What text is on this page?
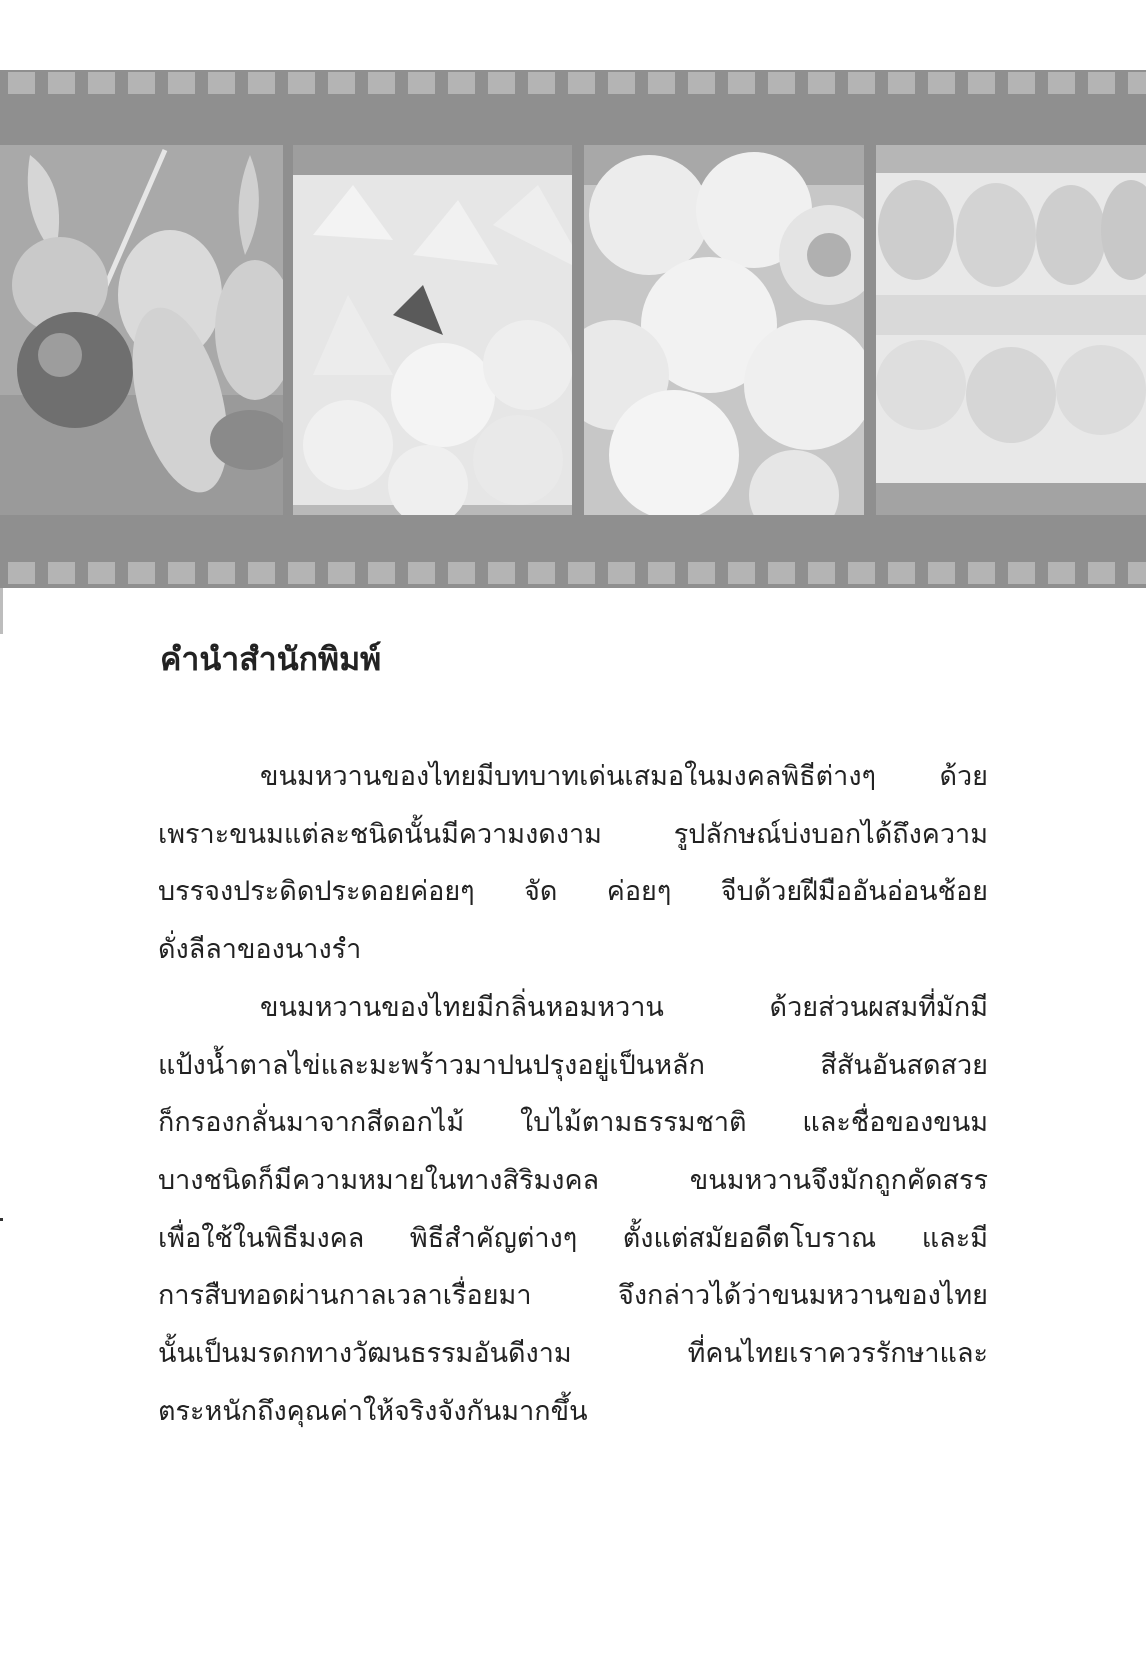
คำนำสำนักพิมพ์
ขนมหวานของไทยมีบทบาทเด่นเสมอในมงคลพิธีต่างๆ ด้วย
เพราะขนมแต่ละชนิดนั้นมีความงดงาม รูปลักษณ์บ่งบอกได้ถึงความ
บรรจงประดิดประดอยค่อยๆ จัด ค่อยๆ จีบด้วยฝีมืออันอ่อนช้อย
ดั่งลีลาของนางรำ
ขนมหวานของไทยมีกลิ่นหอมหวาน ด้วยส่วนผสมที่มักมี
แป้งน้ำตาลไข่และมะพร้าวมาปนปรุงอยู่เป็นหลัก สีสันอันสดสวย
ก็กรองกลั่นมาจากสีดอกไม้ ใบไม้ตามธรรมชาติ และชื่อของขนม
บางชนิดก็มีความหมายในทางสิริมงคล ขนมหวานจึงมักถูกคัดสรร
เพื่อใช้ในพิธีมงคล พิธีสำคัญต่างๆ ตั้งแต่สมัยอดีตโบราณ และมี
การสืบทอดผ่านกาลเวลาเรื่อยมา จึงกล่าวได้ว่าขนมหวานของไทย
นั้นเป็นมรดกทางวัฒนธรรมอันดีงาม ที่คนไทยเราควรรักษาและ
ตระหนักถึงคุณค่าให้จริงจังกันมากขึ้น
